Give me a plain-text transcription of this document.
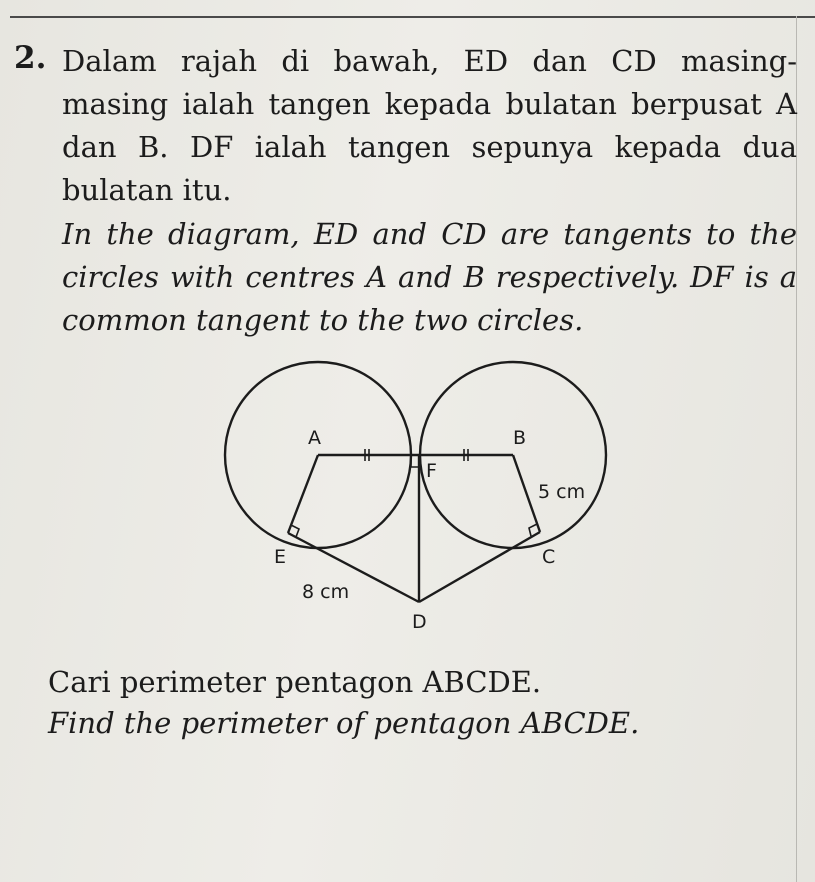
2. Dalam rajah di bawah, ED dan CD masing-masing ialah tangen kepada bulatan berpusat A dan B. DF ialah tangen sepunya kepada dua bulatan itu.

In the diagram, ED and CD are tangents to the circles with centres A and B respectively. DF is a common tangent to the two circles.

A	B
F
5 cm
E	C
8 cm
D

Cari perimeter pentagon ABCDE.

Find the perimeter of pentagon ABCDE.
